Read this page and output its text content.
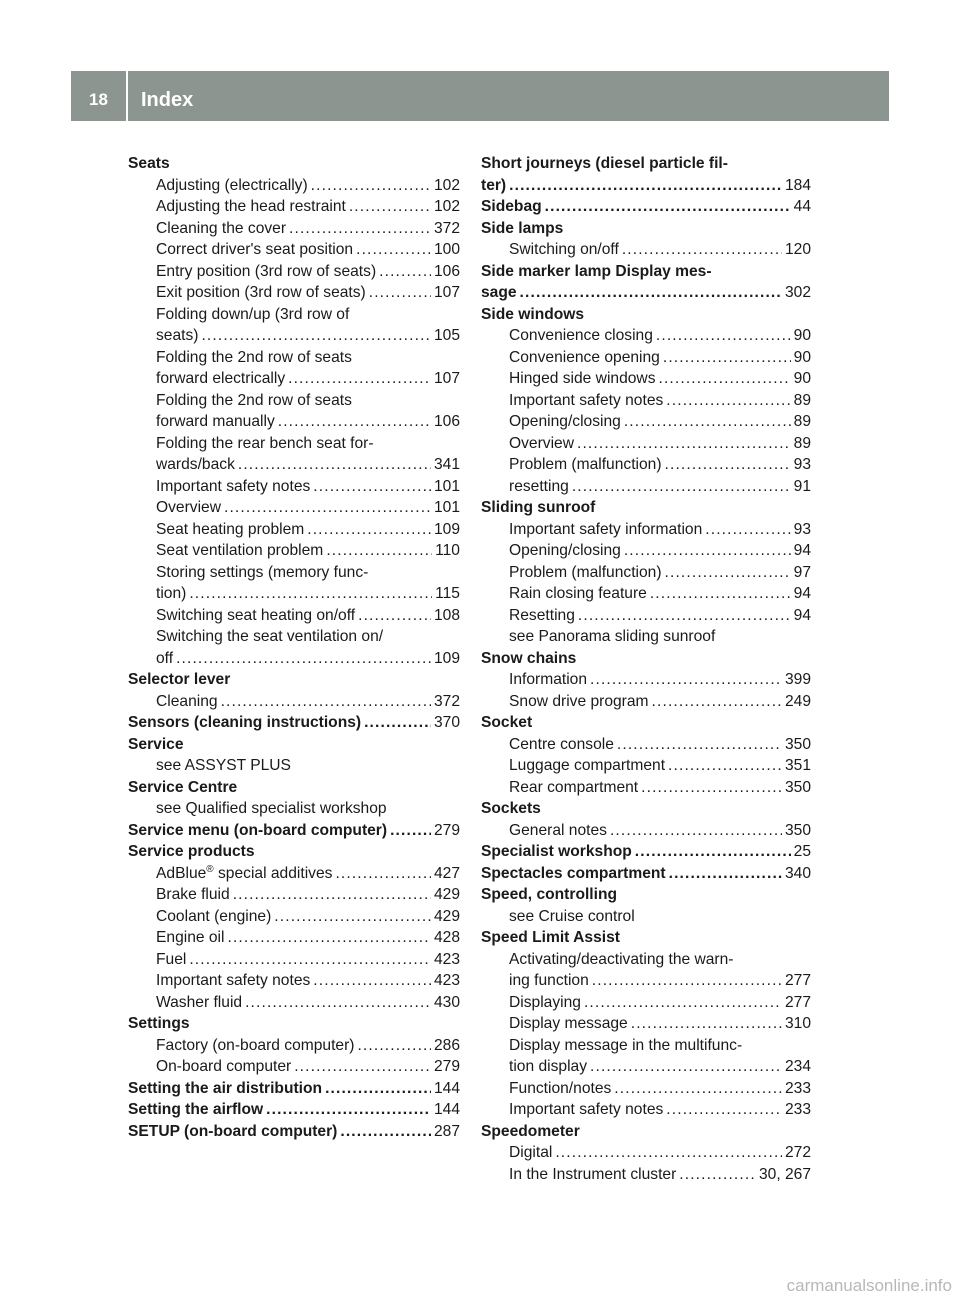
18	Index
Seats
Adjusting (electrically) . . .	102
Adjusting the head restraint . . .	102
Cleaning the cover . . .	372
Correct driver's seat position . . .	100
Entry position (3rd row of seats) . . .	106
Exit position (3rd row of seats) . . .	107
Folding down/up (3rd row of
seats) . . .	105
Folding the 2nd row of seats
forward electrically . . .	107
Folding the 2nd row of seats
forward manually . . .	106
Folding the rear bench seat for-
wards/back . . .	341
Important safety notes . . .	101
Overview . . .	101
Seat heating problem . . .	109
Seat ventilation problem . . .	110
Storing settings (memory func-
tion) . . .	115
Switching seat heating on/off . . .	108
Switching the seat ventilation on/
off . . .	109
Selector lever
Cleaning . . .	372
Sensors (cleaning instructions) . . .	370
Service
see ASSYST PLUS
Service Centre
see Qualified specialist workshop
Service menu (on-board computer) . . .	279
Service products
AdBlue® special additives . . .	427
Brake fluid . . .	429
Coolant (engine) . . .	429
Engine oil . . .	428
Fuel . . .	423
Important safety notes . . .	423
Washer fluid . . .	430
Settings
Factory (on-board computer) . . .	286
On-board computer . . .	279
Setting the air distribution . . .	144
Setting the airflow . . .	144
SETUP (on-board computer) . . .	287
Short journeys (diesel particle fil-
ter) . . .	184
Sidebag . . .	44
Side lamps
Switching on/off . . .	120
Side marker lamp Display mes-
sage . . .	302
Side windows
Convenience closing . . .	90
Convenience opening . . .	90
Hinged side windows . . .	90
Important safety notes . . .	89
Opening/closing . . .	89
Overview . . .	89
Problem (malfunction) . . .	93
resetting . . .	91
Sliding sunroof
Important safety information . . .	93
Opening/closing . . .	94
Problem (malfunction) . . .	97
Rain closing feature . . .	94
Resetting . . .	94
see Panorama sliding sunroof
Snow chains
Information . . .	399
Snow drive program . . .	249
Socket
Centre console . . .	350
Luggage compartment . . .	351
Rear compartment . . .	350
Sockets
General notes . . .	350
Specialist workshop . . .	25
Spectacles compartment . . .	340
Speed, controlling
see Cruise control
Speed Limit Assist
Activating/deactivating the warn-
ing function . . .	277
Displaying . . .	277
Display message . . .	310
Display message in the multifunc-
tion display . . .	234
Function/notes . . .	233
Important safety notes . . .	233
Speedometer
Digital . . .	272
In the Instrument cluster . . .	30, 267
carmanualsonline.info
